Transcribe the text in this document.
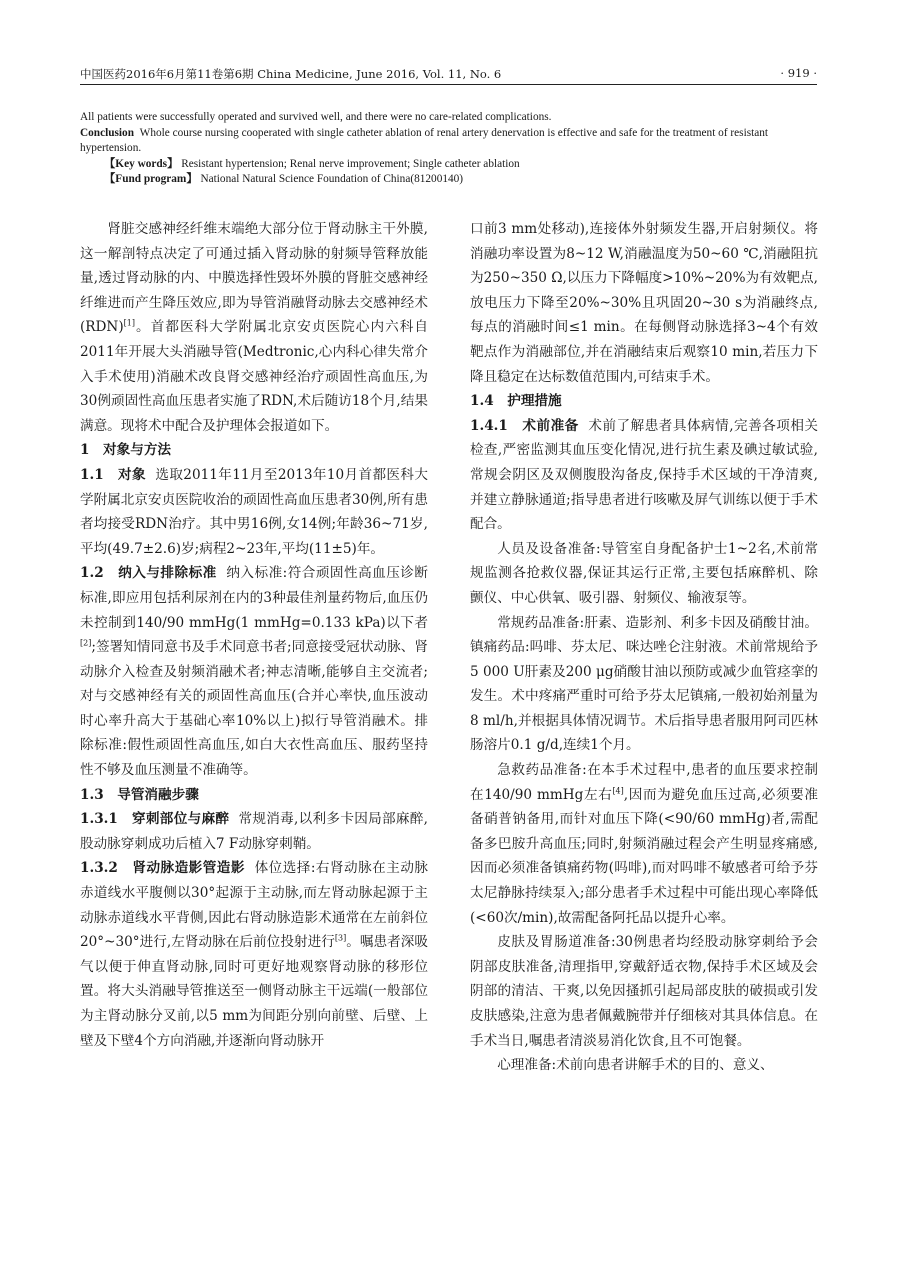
中国医药2016年6月第11卷第6期 China Medicine, June 2016, Vol. 11, No. 6	· 919 ·

All patients were successfully operated and survived well, and there were no care-related complications.

Conclusion Whole course nursing cooperated with single catheter ablation of renal artery denervation is effective and safe for the treatment of resistant hypertension.

【Key words】 Resistant hypertension; Renal nerve improvement; Single catheter ablation

【Fund program】 National Natural Science Foundation of China(81200140)

肾脏交感神经纤维末端绝大部分位于肾动脉主干外膜,这一解剖特点决定了可通过插入肾动脉的射频导管释放能量,透过肾动脉的内、中膜选择性毁坏外膜的肾脏交感神经纤维进而产生降压效应,即为导管消融肾动脉去交感神经术(RDN)[1]。首都医科大学附属北京安贞医院心内六科自2011年开展大头消融导管(Medtronic,心内科心律失常介入手术使用)消融术改良肾交感神经治疗顽固性高血压,为30例顽固性高血压患者实施了RDN,术后随访18个月,结果满意。现将术中配合及护理体会报道如下。

1　对象与方法

1.1　对象 选取2011年11月至2013年10月首都医科大学附属北京安贞医院收治的顽固性高血压患者30例,所有患者均接受RDN治疗。其中男16例,女14例;年龄36~71岁,平均(49.7±2.6)岁;病程2~23年,平均(11±5)年。

1.2　纳入与排除标准 纳入标准:符合顽固性高血压诊断标准,即应用包括利尿剂在内的3种最佳剂量药物后,血压仍未控制到140/90 mmHg(1 mmHg=0.133 kPa)以下者[2];签署知情同意书及手术同意书者;同意接受冠状动脉、肾动脉介入检查及射频消融术者;神志清晰,能够自主交流者;对与交感神经有关的顽固性高血压(合并心率快,血压波动时心率升高大于基础心率10%以上)拟行导管消融术。排除标准:假性顽固性高血压,如白大衣性高血压、服药坚持性不够及血压测量不准确等。

1.3　导管消融步骤

1.3.1　穿刺部位与麻醉 常规消毒,以利多卡因局部麻醉,股动脉穿刺成功后植入7 F动脉穿刺鞘。

1.3.2　肾动脉造影管造影 体位选择:右肾动脉在主动脉赤道线水平腹侧以30°起源于主动脉,而左肾动脉起源于主动脉赤道线水平背侧,因此右肾动脉造影术通常在左前斜位20°~30°进行,左肾动脉在后前位投射进行[3]。嘱患者深吸气以便于伸直肾动脉,同时可更好地观察肾动脉的移形位置。将大头消融导管推送至一侧肾动脉主干远端(一般部位为主肾动脉分叉前,以5 mm为间距分别向前壁、后壁、上壁及下壁4个方向消融,并逐渐向肾动脉开

口前3 mm处移动),连接体外射频发生器,开启射频仪。将消融功率设置为8~12 W,消融温度为50~60 ℃,消融阻抗为250~350 Ω,以压力下降幅度>10%~20%为有效靶点,放电压力下降至20%~30%且巩固20~30 s为消融终点,每点的消融时间≤1 min。在每侧肾动脉选择3~4个有效靶点作为消融部位,并在消融结束后观察10 min,若压力下降且稳定在达标数值范围内,可结束手术。

1.4　护理措施

1.4.1　术前准备 术前了解患者具体病情,完善各项相关检查,严密监测其血压变化情况,进行抗生素及碘过敏试验,常规会阴区及双侧腹股沟备皮,保持手术区域的干净清爽,并建立静脉通道;指导患者进行咳嗽及屏气训练以便于手术配合。

人员及设备准备:导管室自身配备护士1~2名,术前常规监测各抢救仪器,保证其运行正常,主要包括麻醉机、除颤仪、中心供氧、吸引器、射频仪、输液泵等。

常规药品准备:肝素、造影剂、利多卡因及硝酸甘油。镇痛药品:吗啡、芬太尼、咪达唑仑注射液。术前常规给予5 000 U肝素及200 μg硝酸甘油以预防或减少血管痉挛的发生。术中疼痛严重时可给予芬太尼镇痛,一般初始剂量为8 ml/h,并根据具体情况调节。术后指导患者服用阿司匹林肠溶片0.1 g/d,连续1个月。

急救药品准备:在本手术过程中,患者的血压要求控制在140/90 mmHg左右[4],因而为避免血压过高,必须要准备硝普钠备用,而针对血压下降(<90/60 mmHg)者,需配备多巴胺升高血压;同时,射频消融过程会产生明显疼痛感,因而必须准备镇痛药物(吗啡),而对吗啡不敏感者可给予芬太尼静脉持续泵入;部分患者手术过程中可能出现心率降低(<60次/min),故需配备阿托品以提升心率。

皮肤及胃肠道准备:30例患者均经股动脉穿刺给予会阴部皮肤准备,清理指甲,穿戴舒适衣物,保持手术区域及会阴部的清洁、干爽,以免因搔抓引起局部皮肤的破损或引发皮肤感染,注意为患者佩戴腕带并仔细核对其具体信息。在手术当日,嘱患者清淡易消化饮食,且不可饱餐。

心理准备:术前向患者讲解手术的目的、意义、
